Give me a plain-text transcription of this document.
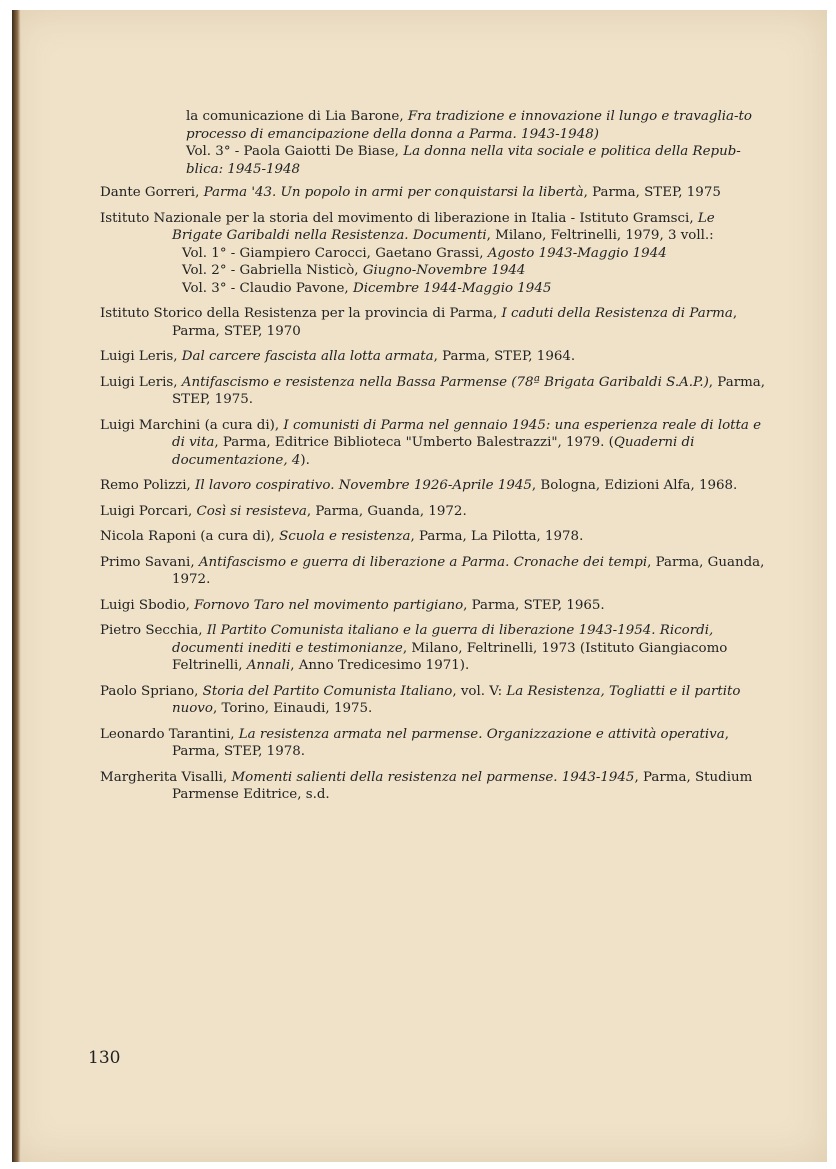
la comunicazione di Lia Barone, Fra tradizione e innovazione il lungo e travaglia-to processo di emancipazione della donna a Parma. 1943-1948)
Vol. 3° - Paola Gaiotti De Biase, La donna nella vita sociale e politica della Repub-blica: 1945-1948

Dante Gorreri, Parma '43. Un popolo in armi per conquistarsi la libertà, Parma, STEP, 1975

Istituto Nazionale per la storia del movimento di liberazione in Italia - Istituto Gramsci, Le Brigate Garibaldi nella Resistenza. Documenti, Milano, Feltrinelli, 1979, 3 voll.:
Vol. 1° - Giampiero Carocci, Gaetano Grassi, Agosto 1943-Maggio 1944
Vol. 2° - Gabriella Nisticò, Giugno-Novembre 1944
Vol. 3° - Claudio Pavone, Dicembre 1944-Maggio 1945

Istituto Storico della Resistenza per la provincia di Parma, I caduti della Resistenza di Parma, Parma, STEP, 1970

Luigi Leris, Dal carcere fascista alla lotta armata, Parma, STEP, 1964.

Luigi Leris, Antifascismo e resistenza nella Bassa Parmense (78ª Brigata Garibaldi S.A.P.), Parma, STEP, 1975.

Luigi Marchini (a cura di), I comunisti di Parma nel gennaio 1945: una esperienza reale di lotta e di vita, Parma, Editrice Biblioteca "Umberto Balestrazzi", 1979. (Quaderni di documentazione, 4).

Remo Polizzi, Il lavoro cospirativo. Novembre 1926-Aprile 1945, Bologna, Edizioni Alfa, 1968.

Luigi Porcari, Così si resisteva, Parma, Guanda, 1972.

Nicola Raponi (a cura di), Scuola e resistenza, Parma, La Pilotta, 1978.

Primo Savani, Antifascismo e guerra di liberazione a Parma. Cronache dei tempi, Parma, Guanda, 1972.

Luigi Sbodio, Fornovo Taro nel movimento partigiano, Parma, STEP, 1965.

Pietro Secchia, Il Partito Comunista italiano e la guerra di liberazione 1943-1954. Ricordi, documenti inediti e testimonianze, Milano, Feltrinelli, 1973 (Istituto Giangiacomo Feltrinelli, Annali, Anno Tredicesimo 1971).

Paolo Spriano, Storia del Partito Comunista Italiano, vol. V: La Resistenza, Togliatti e il partito nuovo, Torino, Einaudi, 1975.

Leonardo Tarantini, La resistenza armata nel parmense. Organizzazione e attività operativa, Parma, STEP, 1978.

Margherita Visalli, Momenti salienti della resistenza nel parmense. 1943-1945, Parma, Studium Parmense Editrice, s.d.

130
